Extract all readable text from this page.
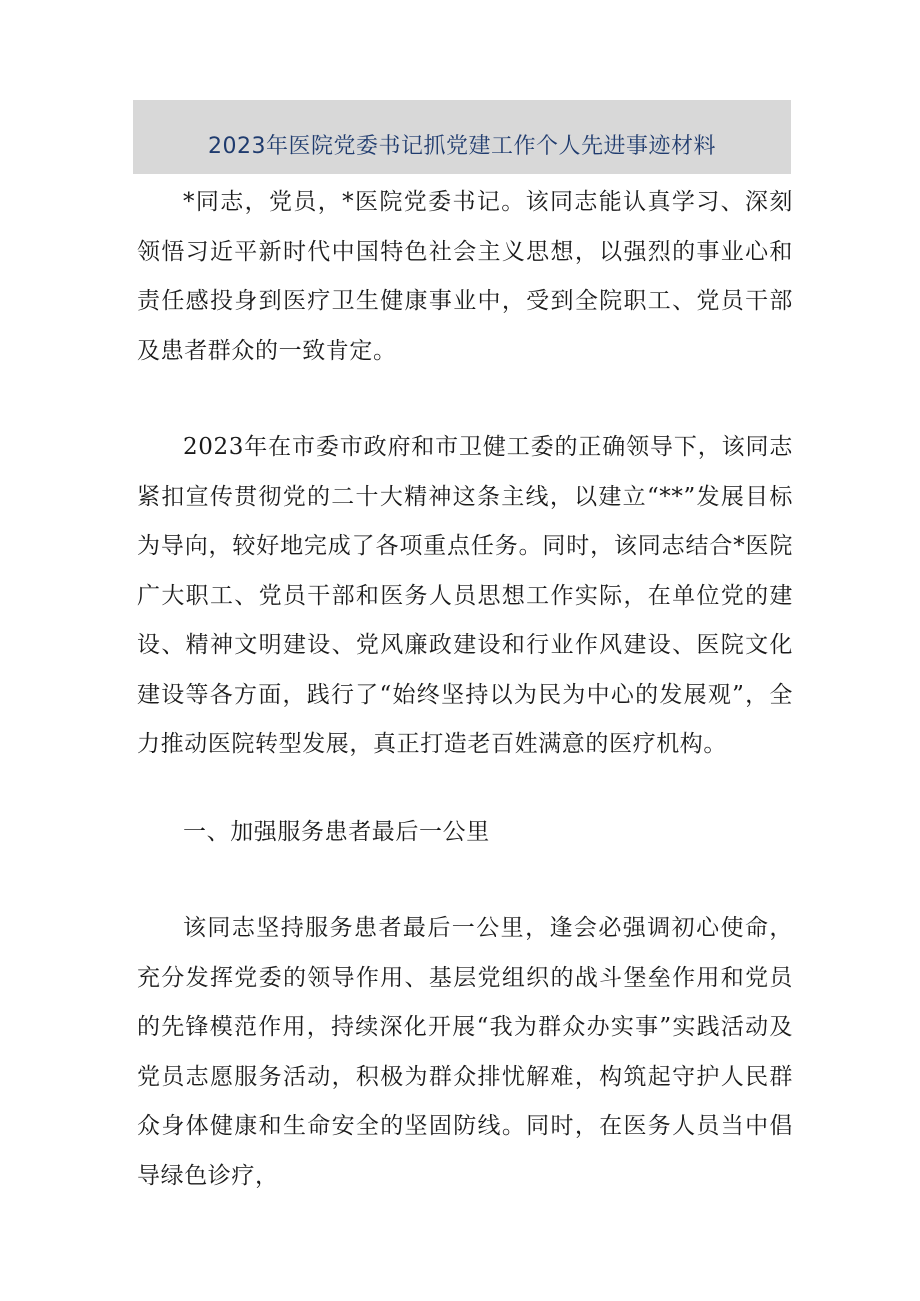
2023年医院党委书记抓党建工作个人先进事迹材料

*同志，党员，*医院党委书记。该同志能认真学习、深刻领悟习近平新时代中国特色社会主义思想，以强烈的事业心和责任感投身到医疗卫生健康事业中，受到全院职工、党员干部及患者群众的一致肯定。

2023年在市委市政府和市卫健工委的正确领导下，该同志紧扣宣传贯彻党的二十大精神这条主线，以建立“**”发展目标为导向，较好地完成了各项重点任务。同时，该同志结合*医院广大职工、党员干部和医务人员思想工作实际，在单位党的建设、精神文明建设、党风廉政建设和行业作风建设、医院文化建设等各方面，践行了“始终坚持以为民为中心的发展观”，全力推动医院转型发展，真正打造老百姓满意的医疗机构。

一、加强服务患者最后一公里

该同志坚持服务患者最后一公里，逢会必强调初心使命，充分发挥党委的领导作用、基层党组织的战斗堡垒作用和党员的先锋模范作用，持续深化开展“我为群众办实事”实践活动及党员志愿服务活动，积极为群众排忧解难，构筑起守护人民群众身体健康和生命安全的坚固防线。同时，在医务人员当中倡导绿色诊疗，
